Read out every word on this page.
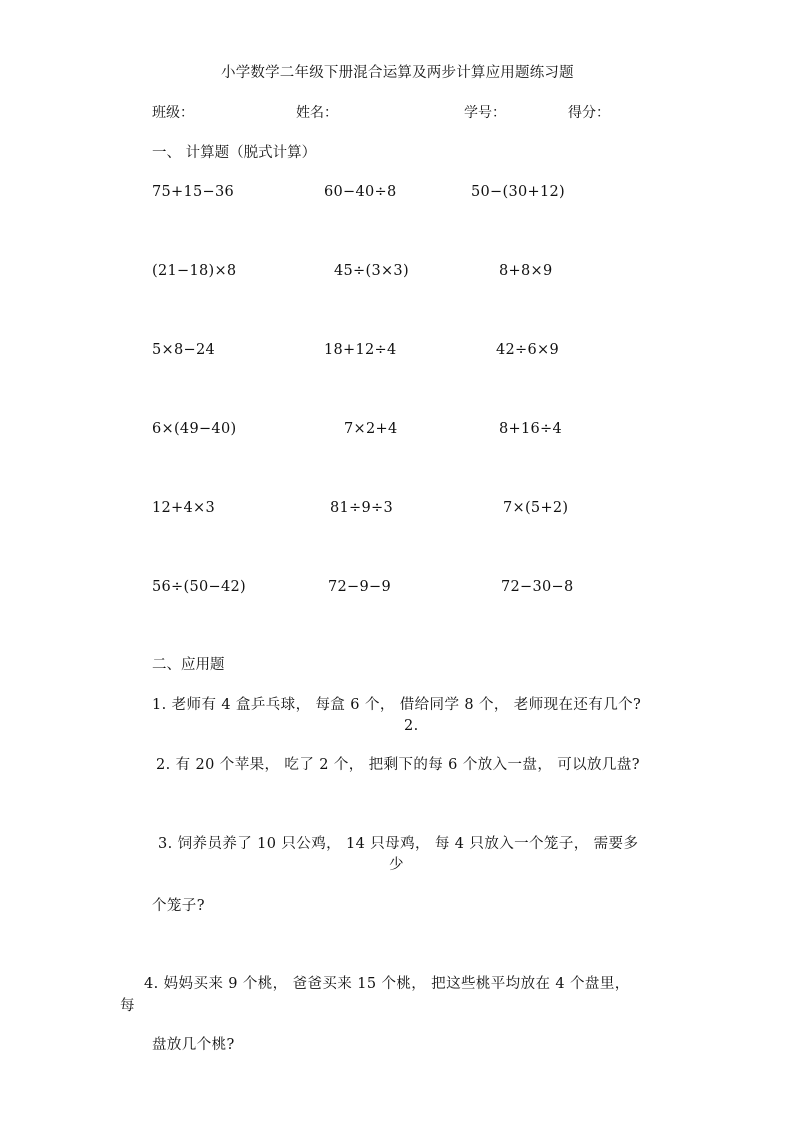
小学数学二年级下册混合运算及两步计算应用题练习题
班级：	姓名：	学号：	得分：
一、 计算题（脱式计算）
75+15−36	60−40÷8	50−(30+12)
(21−18)×8	45÷(3×3)	8+8×9
5×8−24	18+12÷4	42÷6×9
6×(49−40)	7×2+4	8+16÷4
12+4×3	81÷9÷3	7×(5+2)
56÷(50−42)	72−9−9	72−30−8
二、应用题
1. 老师有 4 盒乒乓球， 每盒 6 个， 借给同学 8 个， 老师现在还有几个?
2.
2. 有 20 个苹果， 吃了 2 个， 把剩下的每 6 个放入一盘， 可以放几盘?
3. 饲养员养了 10 只公鸡， 14 只母鸡， 每 4 只放入一个笼子， 需要多
少
个笼子?
4. 妈妈买来 9 个桃， 爸爸买来 15 个桃， 把这些桃平均放在 4 个盘里，
每
盘放几个桃?
